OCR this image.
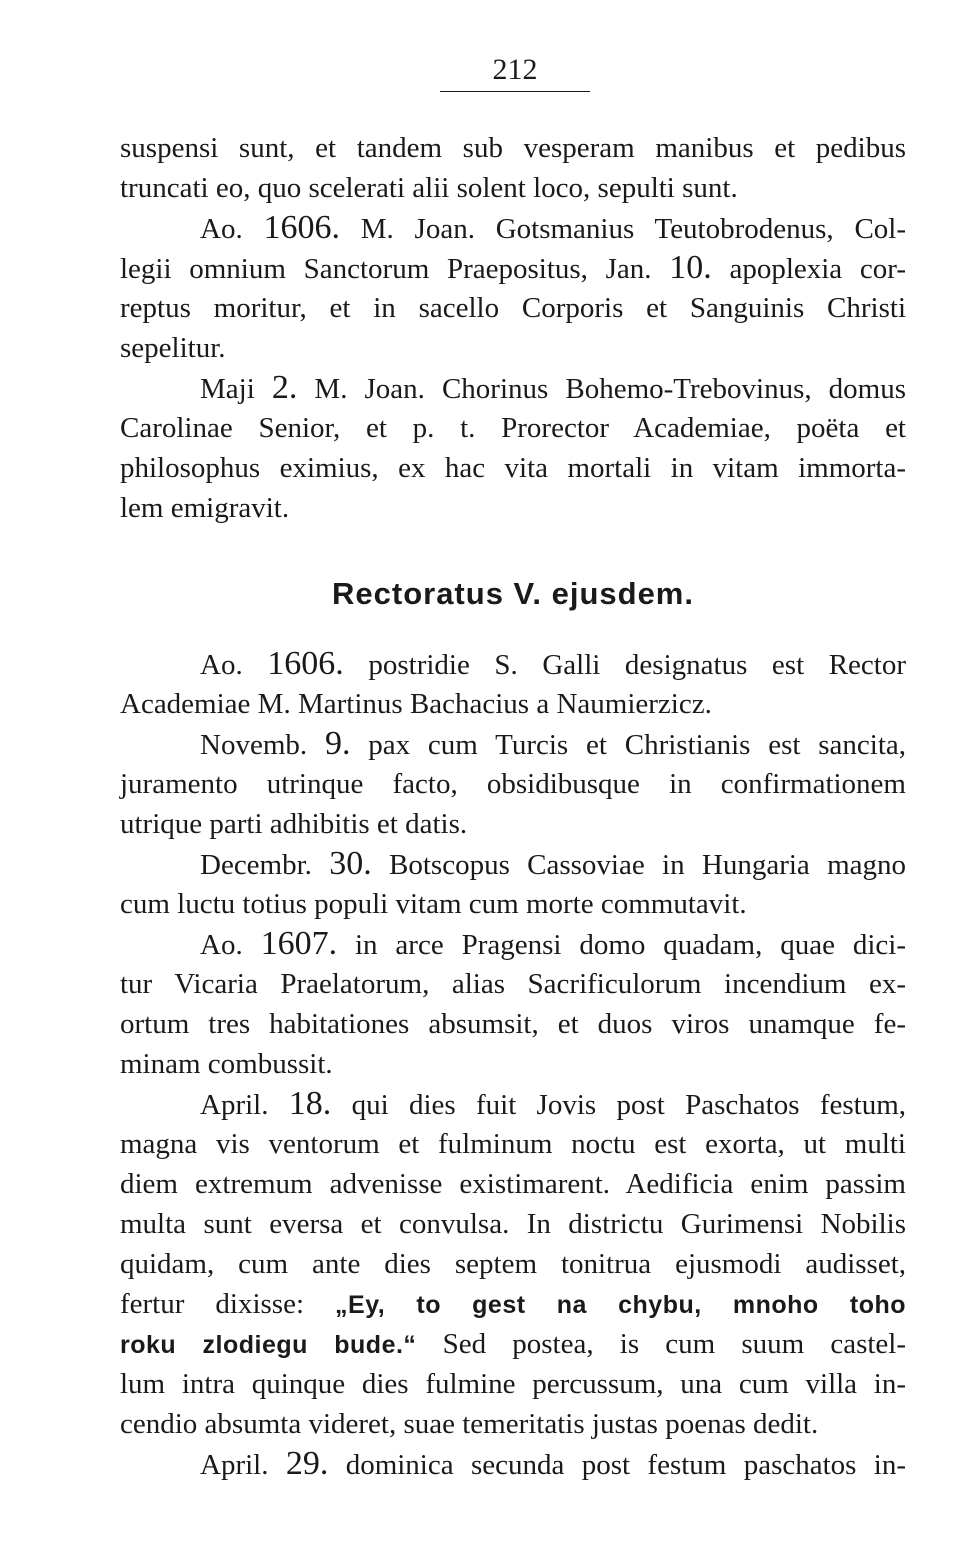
212
suspensi sunt, et tandem sub vesperam manibus et pedibus
truncati eo, quo scelerati alii solent loco, sepulti sunt.
Ao. 1606. M. Joan. Gotsmanius Teutobrodenus, Col-
legii omnium Sanctorum Praepositus, Jan. 10. apoplexia cor-
reptus moritur, et in sacello Corporis et Sanguinis Christi
sepelitur.
Maji 2. M. Joan. Chorinus Bohemo-Trebovinus, domus
Carolinae Senior, et p. t. Prorector Academiae, poëta et
philosophus eximius, ex hac vita mortali in vitam immorta-
lem emigravit.
Rectoratus V. ejusdem.
Ao. 1606. postridie S. Galli designatus est Rector
Academiae M. Martinus Bachacius a Naumierzicz.
Novemb. 9. pax cum Turcis et Christianis est sancita,
juramento utrinque facto, obsidibusque in confirmationem
utrique parti adhibitis et datis.
Decembr. 30. Botscopus Cassoviae in Hungaria magno
cum luctu totius populi vitam cum morte commutavit.
Ao. 1607. in arce Pragensi domo quadam, quae dici-
tur Vicaria Praelatorum, alias Sacrificulorum incendium ex-
ortum tres habitationes absumsit, et duos viros unamque fe-
minam combussit.
April. 18. qui dies fuit Jovis post Paschatos festum,
magna vis ventorum et fulminum noctu est exorta, ut multi
diem extremum advenisse existimarent. Aedificia enim passim
multa sunt eversa et convulsa. In districtu Gurimensi Nobilis
quidam, cum ante dies septem tonitrua ejusmodi audisset,
fertur dixisse: „Ey, to gest na chybu, mnoho toho
roku zlodiegu bude.“ Sed postea, is cum suum castel-
lum intra quinque dies fulmine percussum, una cum villa in-
cendio absumta videret, suae temeritatis justas poenas dedit.
April. 29. dominica secunda post festum paschatos in-
